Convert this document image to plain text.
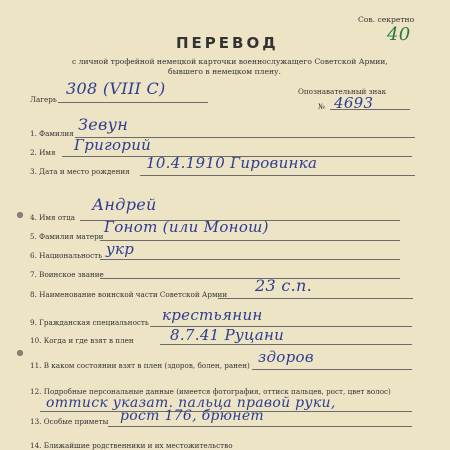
Сов. секретно
40
ПЕРЕВОД
с личной трофейной немецкой карточки военнослужащего Советской Армии,
бывшего в немецком плену.
Лагерь
308 (VIII С)	Опознавательный знак
№ 4693
1. Фамилия Зевун
2. Имя Григорий
3. Дата и место рождения 10.4.1910 Гировинка
4. Имя отца
Андрей
5. Фамилия матери
Гонот (или Монош)
6. Национальность укр
7. Воинское звание
8. Наименование воинской части Советской Армии 23 с.п.
9. Гражданская специальность крестьянин
10. Когда и где взят в плен 8.7.41 Руцани
11. В каком состоянии взят в плен (здоров, болен, ранен) здоров
12. Подробные персональные данные (имеется фотография, оттиск пальцев, рост, цвет волос)
оттиск указат. пальца правой руки,
13. Особые приметы рост 176, брюнет
14. Ближайшие родственники и их местожительство
